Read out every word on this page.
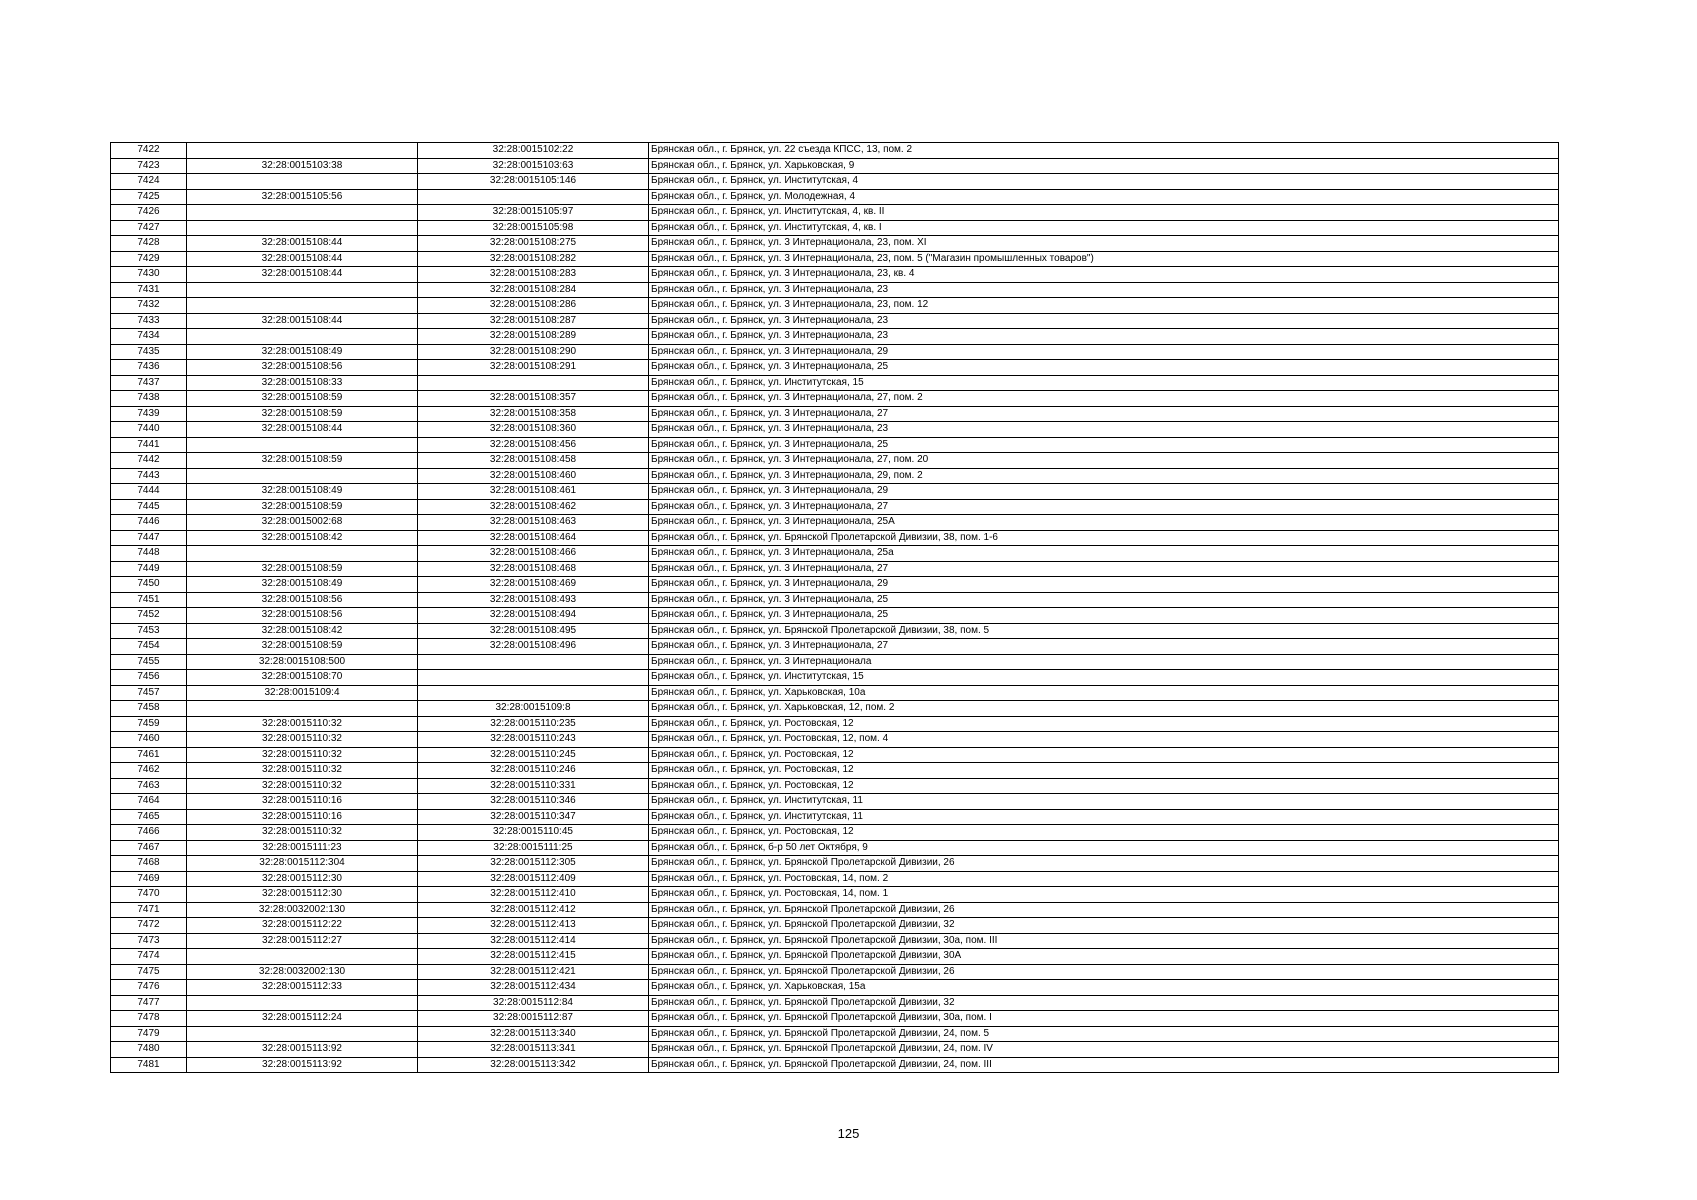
7422		32:28:0015102:22	Брянская обл., г. Брянск, ул. 22 съезда КПСС, 13, пом. 2
7423	32:28:0015103:38	32:28:0015103:63	Брянская обл., г. Брянск, ул. Харьковская, 9
7424		32:28:0015105:146	Брянская обл., г. Брянск, ул. Институтская, 4
7425	32:28:0015105:56		Брянская обл., г. Брянск, ул. Молодежная, 4
7426		32:28:0015105:97	Брянская обл., г. Брянск, ул. Институтская, 4, кв. II
7427		32:28:0015105:98	Брянская обл., г. Брянск, ул. Институтская, 4, кв. I
7428	32:28:0015108:44	32:28:0015108:275	Брянская обл., г. Брянск, ул. 3 Интернационала, 23, пом. XI
7429	32:28:0015108:44	32:28:0015108:282	Брянская обл., г. Брянск, ул. 3 Интернационала, 23, пом. 5 ("Магазин промышленных товаров")
7430	32:28:0015108:44	32:28:0015108:283	Брянская обл., г. Брянск, ул. 3 Интернационала, 23, кв. 4
7431		32:28:0015108:284	Брянская обл., г. Брянск, ул. 3 Интернационала, 23
7432		32:28:0015108:286	Брянская обл., г. Брянск, ул. 3 Интернационала, 23, пом. 12
7433	32:28:0015108:44	32:28:0015108:287	Брянская обл., г. Брянск, ул. 3 Интернационала, 23
7434		32:28:0015108:289	Брянская обл., г. Брянск, ул. 3 Интернационала, 23
7435	32:28:0015108:49	32:28:0015108:290	Брянская обл., г. Брянск, ул. 3 Интернационала, 29
7436	32:28:0015108:56	32:28:0015108:291	Брянская обл., г. Брянск, ул. 3 Интернационала, 25
7437	32:28:0015108:33		Брянская обл., г. Брянск, ул. Институтская, 15
7438	32:28:0015108:59	32:28:0015108:357	Брянская обл., г. Брянск, ул. 3 Интернационала, 27, пом. 2
7439	32:28:0015108:59	32:28:0015108:358	Брянская обл., г. Брянск, ул. 3 Интернационала, 27
7440	32:28:0015108:44	32:28:0015108:360	Брянская обл., г. Брянск, ул. 3 Интернационала, 23
7441		32:28:0015108:456	Брянская обл., г. Брянск, ул. 3 Интернационала, 25
7442	32:28:0015108:59	32:28:0015108:458	Брянская обл., г. Брянск, ул. 3 Интернационала, 27, пом. 20
7443		32:28:0015108:460	Брянская обл., г. Брянск, ул. 3 Интернационала, 29, пом. 2
7444	32:28:0015108:49	32:28:0015108:461	Брянская обл., г. Брянск, ул. 3 Интернационала, 29
7445	32:28:0015108:59	32:28:0015108:462	Брянская обл., г. Брянск, ул. 3 Интернационала, 27
7446	32:28:0015002:68	32:28:0015108:463	Брянская обл., г. Брянск, ул. 3 Интернационала, 25А
7447	32:28:0015108:42	32:28:0015108:464	Брянская обл., г. Брянск, ул. Брянской Пролетарской Дивизии, 38, пом. 1-6
7448		32:28:0015108:466	Брянская обл., г. Брянск, ул. 3 Интернационала, 25а
7449	32:28:0015108:59	32:28:0015108:468	Брянская обл., г. Брянск, ул. 3 Интернационала, 27
7450	32:28:0015108:49	32:28:0015108:469	Брянская обл., г. Брянск, ул. 3 Интернационала, 29
7451	32:28:0015108:56	32:28:0015108:493	Брянская обл., г. Брянск, ул. 3 Интернационала, 25
7452	32:28:0015108:56	32:28:0015108:494	Брянская обл., г. Брянск, ул. 3 Интернационала, 25
7453	32:28:0015108:42	32:28:0015108:495	Брянская обл., г. Брянск, ул. Брянской Пролетарской Дивизии, 38, пом. 5
7454	32:28:0015108:59	32:28:0015108:496	Брянская обл., г. Брянск, ул. 3 Интернационала, 27
7455	32:28:0015108:500		Брянская обл., г. Брянск, ул. 3 Интернационала
7456	32:28:0015108:70		Брянская обл., г. Брянск, ул. Институтская, 15
7457	32:28:0015109:4		Брянская обл., г. Брянск, ул. Харьковская, 10а
7458		32:28:0015109:8	Брянская обл., г. Брянск, ул. Харьковская, 12, пом. 2
7459	32:28:0015110:32	32:28:0015110:235	Брянская обл., г. Брянск, ул. Ростовская, 12
7460	32:28:0015110:32	32:28:0015110:243	Брянская обл., г. Брянск, ул. Ростовская, 12, пом. 4
7461	32:28:0015110:32	32:28:0015110:245	Брянская обл., г. Брянск, ул. Ростовская, 12
7462	32:28:0015110:32	32:28:0015110:246	Брянская обл., г. Брянск, ул. Ростовская, 12
7463	32:28:0015110:32	32:28:0015110:331	Брянская обл., г. Брянск, ул. Ростовская, 12
7464	32:28:0015110:16	32:28:0015110:346	Брянская обл., г. Брянск, ул. Институтская, 11
7465	32:28:0015110:16	32:28:0015110:347	Брянская обл., г. Брянск, ул. Институтская, 11
7466	32:28:0015110:32	32:28:0015110:45	Брянская обл., г. Брянск, ул. Ростовская, 12
7467	32:28:0015111:23	32:28:0015111:25	Брянская обл., г. Брянск, б-р 50 лет Октября, 9
7468	32:28:0015112:304	32:28:0015112:305	Брянская обл., г. Брянск, ул. Брянской Пролетарской Дивизии, 26
7469	32:28:0015112:30	32:28:0015112:409	Брянская обл., г. Брянск, ул. Ростовская, 14, пом. 2
7470	32:28:0015112:30	32:28:0015112:410	Брянская обл., г. Брянск, ул. Ростовская, 14, пом. 1
7471	32:28:0032002:130	32:28:0015112:412	Брянская обл., г. Брянск, ул. Брянской Пролетарской Дивизии, 26
7472	32:28:0015112:22	32:28:0015112:413	Брянская обл., г. Брянск, ул. Брянской Пролетарской Дивизии, 32
7473	32:28:0015112:27	32:28:0015112:414	Брянская обл., г. Брянск, ул. Брянской Пролетарской Дивизии, 30а, пом. III
7474		32:28:0015112:415	Брянская обл., г. Брянск, ул. Брянской Пролетарской Дивизии, 30А
7475	32:28:0032002:130	32:28:0015112:421	Брянская обл., г. Брянск, ул. Брянской Пролетарской Дивизии, 26
7476	32:28:0015112:33	32:28:0015112:434	Брянская обл., г. Брянск, ул. Харьковская, 15а
7477		32:28:0015112:84	Брянская обл., г. Брянск, ул. Брянской Пролетарской Дивизии, 32
7478	32:28:0015112:24	32:28:0015112:87	Брянская обл., г. Брянск, ул. Брянской Пролетарской Дивизии, 30а, пом. I
7479		32:28:0015113:340	Брянская обл., г. Брянск, ул. Брянской Пролетарской Дивизии, 24, пом. 5
7480	32:28:0015113:92	32:28:0015113:341	Брянская обл., г. Брянск, ул. Брянской Пролетарской Дивизии, 24, пом. IV
7481	32:28:0015113:92	32:28:0015113:342	Брянская обл., г. Брянск, ул. Брянской Пролетарской Дивизии, 24, пом. III
125
